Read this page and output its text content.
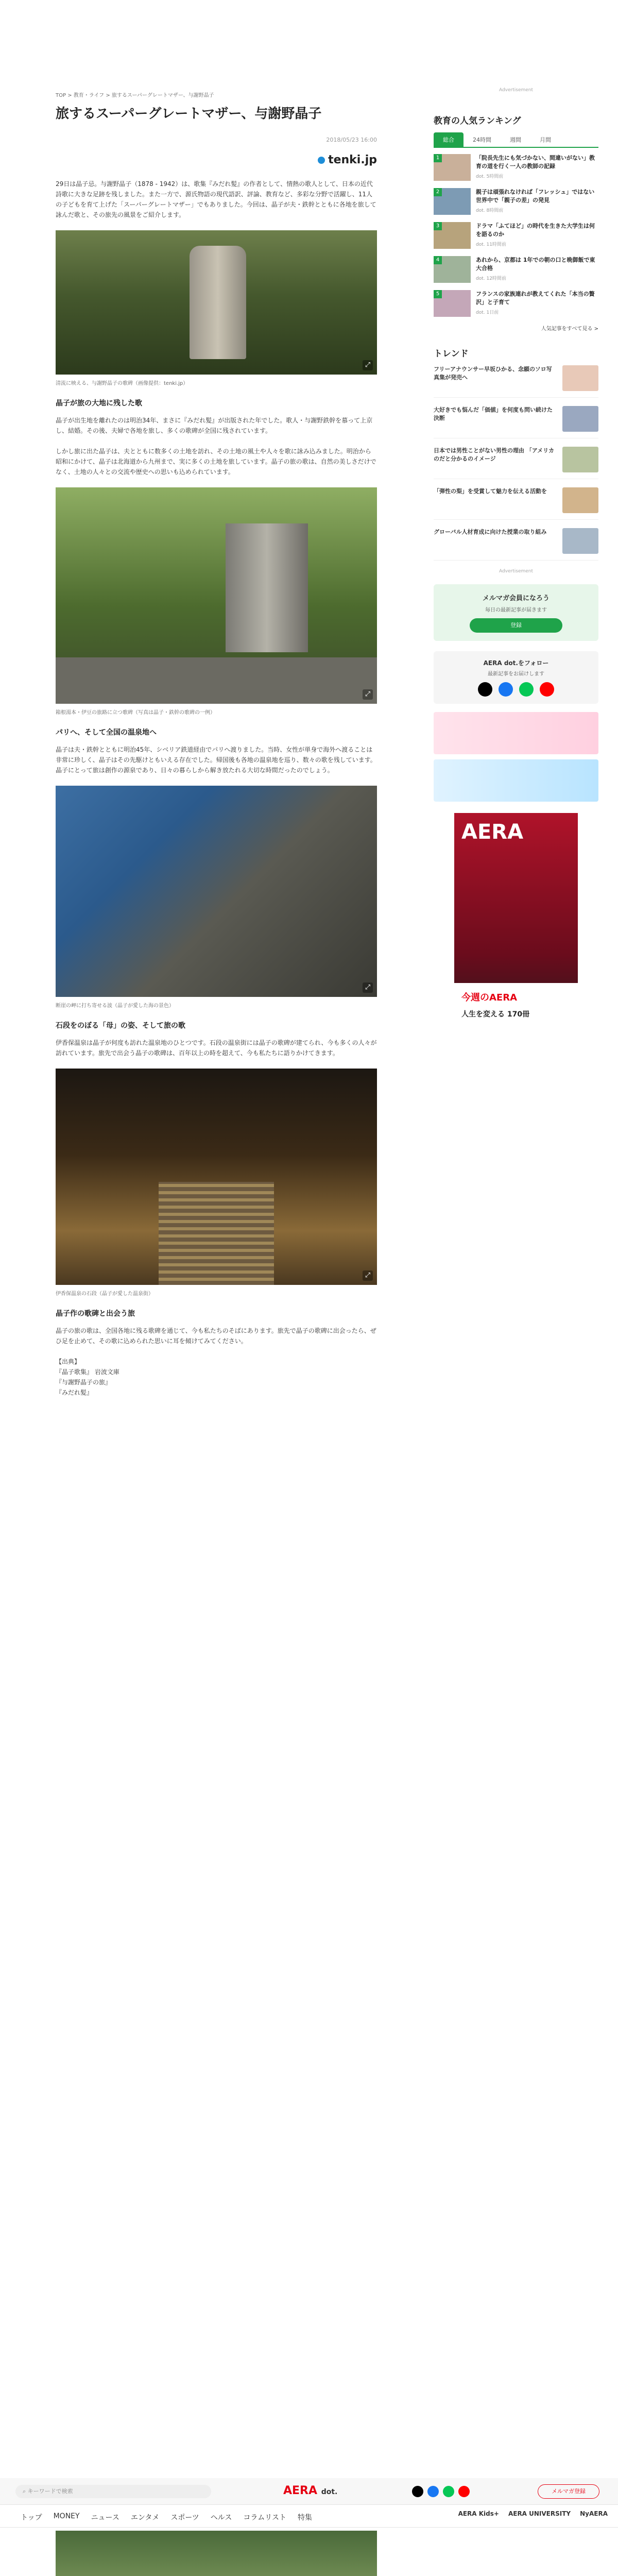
TOP > 教育・ライフ > 旅するスーパーグレートマザー、与謝野晶子
旅するスーパーグレートマザー、与謝野晶子
2018/05/23 16:00
tenki.jp
29日は晶子忌。与謝野晶子（1878 - 1942）は、歌集『みだれ髪』の作者として、情熱の歌人として、日本の近代詩歌に大きな足跡を残しました。また一方で、源氏物語の現代語訳、評論、教育など、多彩な分野で活躍し、11人の子どもを育て上げた「スーパーグレートマザー」でもありました。今回は、晶子が夫・鉄幹とともに各地を旅して詠んだ歌と、その旅先の風景をご紹介します。
⤢
清流に映える、与謝野晶子の歌碑（画像提供：tenki.jp）
晶子が旅の大地に残した歌
晶子が出生地を離れたのは明治34年、まさに『みだれ髪』が出版された年でした。歌人・与謝野鉄幹を慕って上京し、結婚。その後、夫婦で各地を旅し、多くの歌碑が全国に残されています。
しかし旅に出た晶子は、夫とともに数多くの土地を訪れ、その土地の風土や人々を歌に詠み込みました。明治から昭和にかけて、晶子は北海道から九州まで、実に多くの土地を旅しています。晶子の旅の歌は、自然の美しさだけでなく、土地の人々との交流や歴史への思いも込められています。
⤢
箱根湯本・伊豆の旅路に立つ歌碑（写真は晶子・鉄幹の歌碑の一例）
パリへ、そして全国の温泉地へ
晶子は夫・鉄幹とともに明治45年、シベリア鉄道経由でパリへ渡りました。当時、女性が単身で海外へ渡ることは非常に珍しく、晶子はその先駆けともいえる存在でした。帰国後も各地の温泉地を巡り、数々の歌を残しています。晶子にとって旅は創作の源泉であり、日々の暮らしから解き放たれる大切な時間だったのでしょう。
⤢
断崖の岬に打ち寄せる波（晶子が愛した海の景色）
石段をのぼる「母」の姿、そして旅の歌
伊香保温泉は晶子が何度も訪れた温泉地のひとつです。石段の温泉街には晶子の歌碑が建てられ、今も多くの人々が訪れています。旅先で出会う晶子の歌碑は、百年以上の時を超えて、今も私たちに語りかけてきます。
⤢
伊香保温泉の石段（晶子が愛した温泉街）
晶子作の歌碑と出会う旅
晶子の旅の歌は、全国各地に残る歌碑を通じて、今も私たちのそばにあります。旅先で晶子の歌碑に出会ったら、ぜひ足を止めて、その歌に込められた思いに耳を傾けてみてください。
【出典】
『晶子歌集』 岩波文庫
『与謝野晶子の旅』
『みだれ髪』
⌕ キーワードで検索	AERA dot.	メルマガ登録
トップ MONEY ニュース エンタメ スポーツ ヘルス コラムリスト 特集	AERA Kids+ AERA UNIVERSITY NyAERA
Advertisement
教育の人気ランキング
総合	24時間	週間	月間
1	「院長先生にも気づかない、間違いがない」教育の道を行く一人の教師の記録
dot. 5時間前
2	親子は頑張れなければ「フレッシュ」ではない 世界中で「親子の差」の発見
dot. 8時間前
3	ドラマ「ふてほど」の時代を生きた大学生は何を語るのか
dot. 11時間前
4	あれから、京都は 1年での朝の口と晩御飯で東大合格
dot. 12時間前
5	フランスの家族連れが教えてくれた「本当の贅沢」と子育て
dot. 1日前
人気記事をすべて見る >
トレンド
フリーアナウンサー早坂ひかる、念願のソロ写真集が発売へ
大好きでも悩んだ「価値」を何度も問い続けた決断
日本では男性ことがない男性の理由 「アメリカのだと分かるのイメージ
「弾性の梨」を受賞して魅力を伝える活動を
グローバル人材育成に向けた授業の取り組み
Advertisement
メルマガ会員になろう
毎日の最新記事が届きます
登録
AERA dot.をフォロー
最新記事をお届けします
AERA
今週のAERA
人生を変える 170冊
